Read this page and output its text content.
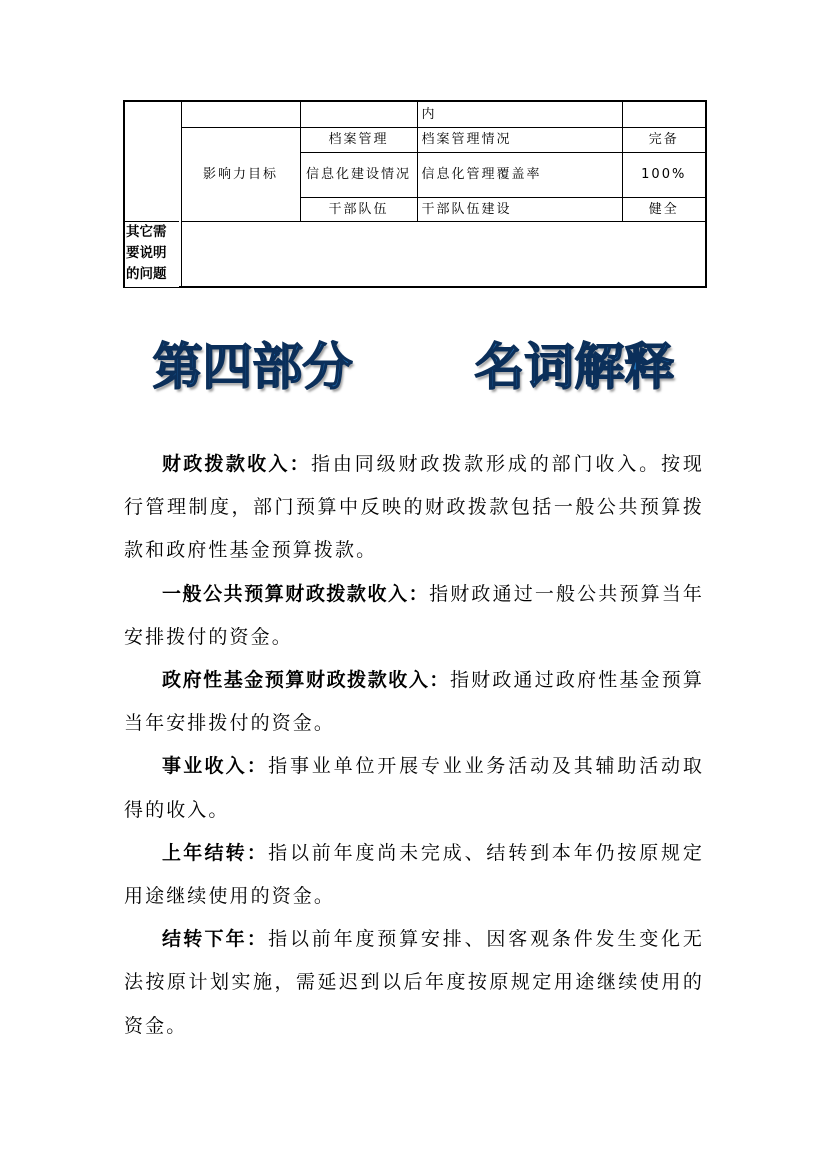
			内	
	影响力目标	档案管理	档案管理情况	完备
		信息化建设情况	信息化管理覆盖率	100%
		干部队伍	干部队伍建设	健全

其它需要说明的问题
第四部分       名词解释

财政拨款收入：指由同级财政拨款形成的部门收入。按现行管理制度，部门预算中反映的财政拨款包括一般公共预算拨款和政府性基金预算拨款。

一般公共预算财政拨款收入：指财政通过一般公共预算当年安排拨付的资金。

政府性基金预算财政拨款收入：指财政通过政府性基金预算当年安排拨付的资金。

事业收入：指事业单位开展专业业务活动及其辅助活动取得的收入。

上年结转：指以前年度尚未完成、结转到本年仍按原规定用途继续使用的资金。

结转下年：指以前年度预算安排、因客观条件发生变化无法按原计划实施，需延迟到以后年度按原规定用途继续使用的资金。
